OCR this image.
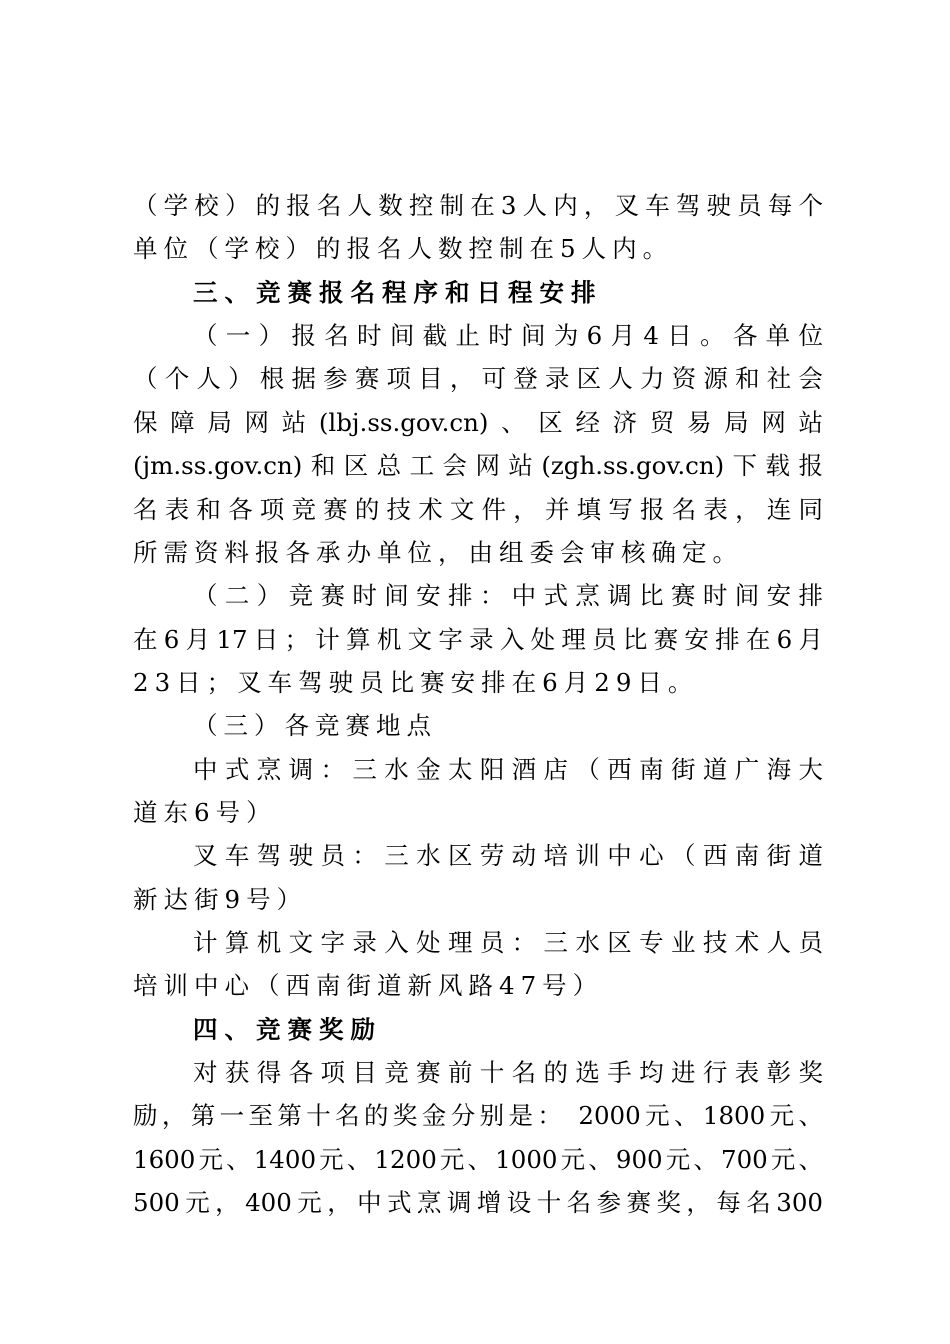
（学校）的报名人数控制在3人内，叉车驾驶员每个
单位（学校）的报名人数控制在5人内。
三、竞赛报名程序和日程安排
（一）报名时间截止时间为6月4日。各单位
（个人）根据参赛项目，可登录区人力资源和社会
保障局网站(lbj.ss.gov.cn)、区经济贸易局网站
(jm.ss.gov.cn)和区总工会网站(zgh.ss.gov.cn)下载报
名表和各项竞赛的技术文件，并填写报名表，连同
所需资料报各承办单位，由组委会审核确定。
（二）竞赛时间安排：中式烹调比赛时间安排
在6月17日；计算机文字录入处理员比赛安排在6月
23日；叉车驾驶员比赛安排在6月29日。
（三）各竞赛地点
中式烹调：三水金太阳酒店（西南街道广海大
道东6号）
叉车驾驶员：三水区劳动培训中心（西南街道
新达街9号）
计算机文字录入处理员：三水区专业技术人员
培训中心（西南街道新风路47号）
四、竞赛奖励
对获得各项目竞赛前十名的选手均进行表彰奖
励，第一至第十名的奖金分别是： 2000元、1800元、
1600元、1400元、1200元、1000元、900元、700元、
500元，400元，中式烹调增设十名参赛奖，每名300
